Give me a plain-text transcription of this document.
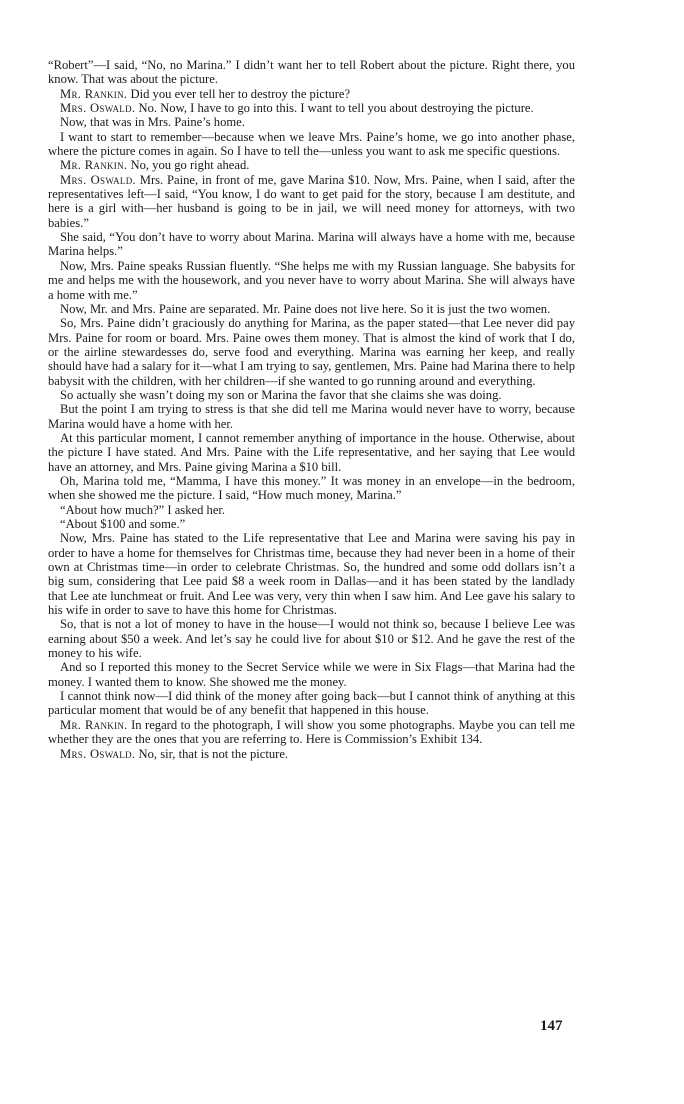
“Robert”—I said, “No, no Marina.” I didn’t want her to tell Robert about the picture. Right there, you know. That was about the picture.

Mr. Rankin. Did you ever tell her to destroy the picture?

Mrs. Oswald. No. Now, I have to go into this. I want to tell you about destroying the picture.

Now, that was in Mrs. Paine’s home.

I want to start to remember—because when we leave Mrs. Paine’s home, we go into another phase, where the picture comes in again. So I have to tell the—unless you want to ask me specific questions.

Mr. Rankin. No, you go right ahead.

Mrs. Oswald. Mrs. Paine, in front of me, gave Marina $10. Now, Mrs. Paine, when I said, after the representatives left—I said, “You know, I do want to get paid for the story, because I am destitute, and here is a girl with—her husband is going to be in jail, we will need money for attorneys, with two babies.”

She said, “You don’t have to worry about Marina. Marina will always have a home with me, because Marina helps.”

Now, Mrs. Paine speaks Russian fluently. “She helps me with my Russian language. She babysits for me and helps me with the housework, and you never have to worry about Marina. She will always have a home with me.”

Now, Mr. and Mrs. Paine are separated. Mr. Paine does not live here. So it is just the two women.

So, Mrs. Paine didn’t graciously do anything for Marina, as the paper stated—that Lee never did pay Mrs. Paine for room or board. Mrs. Paine owes them money. That is almost the kind of work that I do, or the airline stewardesses do, serve food and everything. Marina was earning her keep, and really should have had a salary for it—what I am trying to say, gentlemen, Mrs. Paine had Marina there to help babysit with the children, with her children—if she wanted to go running around and everything.

So actually she wasn’t doing my son or Marina the favor that she claims she was doing.

But the point I am trying to stress is that she did tell me Marina would never have to worry, because Marina would have a home with her.

At this particular moment, I cannot remember anything of importance in the house. Otherwise, about the picture I have stated. And Mrs. Paine with the Life representative, and her saying that Lee would have an attorney, and Mrs. Paine giving Marina a $10 bill.

Oh, Marina told me, “Mamma, I have this money.” It was money in an envelope—in the bedroom, when she showed me the picture. I said, “How much money, Marina.”

“About how much?” I asked her.

“About $100 and some.”

Now, Mrs. Paine has stated to the Life representative that Lee and Marina were saving his pay in order to have a home for themselves for Christmas time, because they had never been in a home of their own at Christmas time—in order to celebrate Christmas. So, the hundred and some odd dollars isn’t a big sum, considering that Lee paid $8 a week room in Dallas—and it has been stated by the landlady that Lee ate lunchmeat or fruit. And Lee was very, very thin when I saw him. And Lee gave his salary to his wife in order to save to have this home for Christmas.

So, that is not a lot of money to have in the house—I would not think so, because I believe Lee was earning about $50 a week. And let’s say he could live for about $10 or $12. And he gave the rest of the money to his wife.

And so I reported this money to the Secret Service while we were in Six Flags—that Marina had the money. I wanted them to know. She showed me the money.

I cannot think now—I did think of the money after going back—but I cannot think of anything at this particular moment that would be of any benefit that happened in this house.

Mr. Rankin. In regard to the photograph, I will show you some photographs. Maybe you can tell me whether they are the ones that you are referring to. Here is Commission’s Exhibit 134.

Mrs. Oswald. No, sir, that is not the picture.

147
